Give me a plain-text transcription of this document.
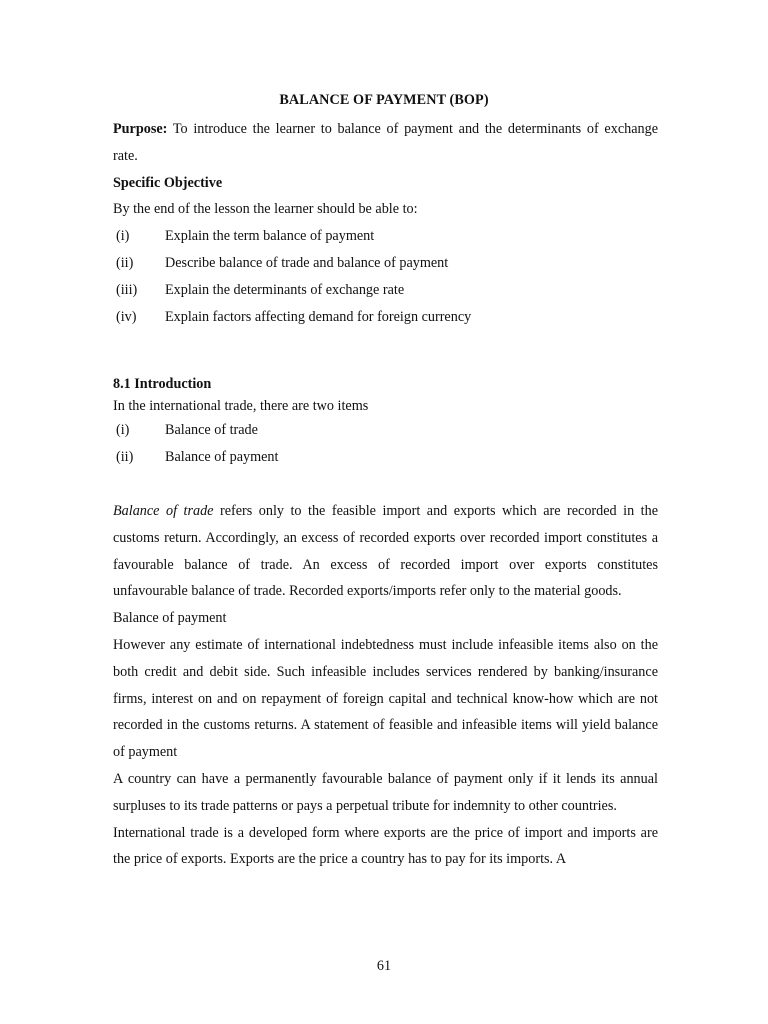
BALANCE OF PAYMENT (BOP)

Purpose: To introduce the learner to balance of payment and the determinants of exchange rate.

Specific Objective

By the end of the lesson the learner should be able to:

(i)	Explain the term balance of payment
(ii)	Describe balance of trade and balance of payment
(iii)	Explain the determinants of exchange rate
(iv)	Explain factors affecting demand for foreign currency

8.1 Introduction

In the international trade, there are two items

(i)	Balance of trade
(ii)	Balance of payment

Balance of trade refers only to the feasible import and exports which are recorded in the customs return. Accordingly, an excess of recorded exports over recorded import constitutes a favourable balance of trade. An excess of recorded import over exports constitutes unfavourable balance of trade. Recorded exports/imports refer only to the material goods.

Balance of payment

However any estimate of international indebtedness must include infeasible items also on the both credit and debit side. Such infeasible includes services rendered by banking/insurance firms, interest on and on repayment of foreign capital and technical know-how which are not recorded in the customs returns. A statement of feasible and infeasible items will yield balance of payment

A country can have a permanently favourable balance of payment only if it lends its annual surpluses to its trade patterns or pays a perpetual tribute for indemnity to other countries.

International trade is a developed form where exports are the price of import and imports are the price of exports. Exports are the price a country has to pay for its imports. A

61
